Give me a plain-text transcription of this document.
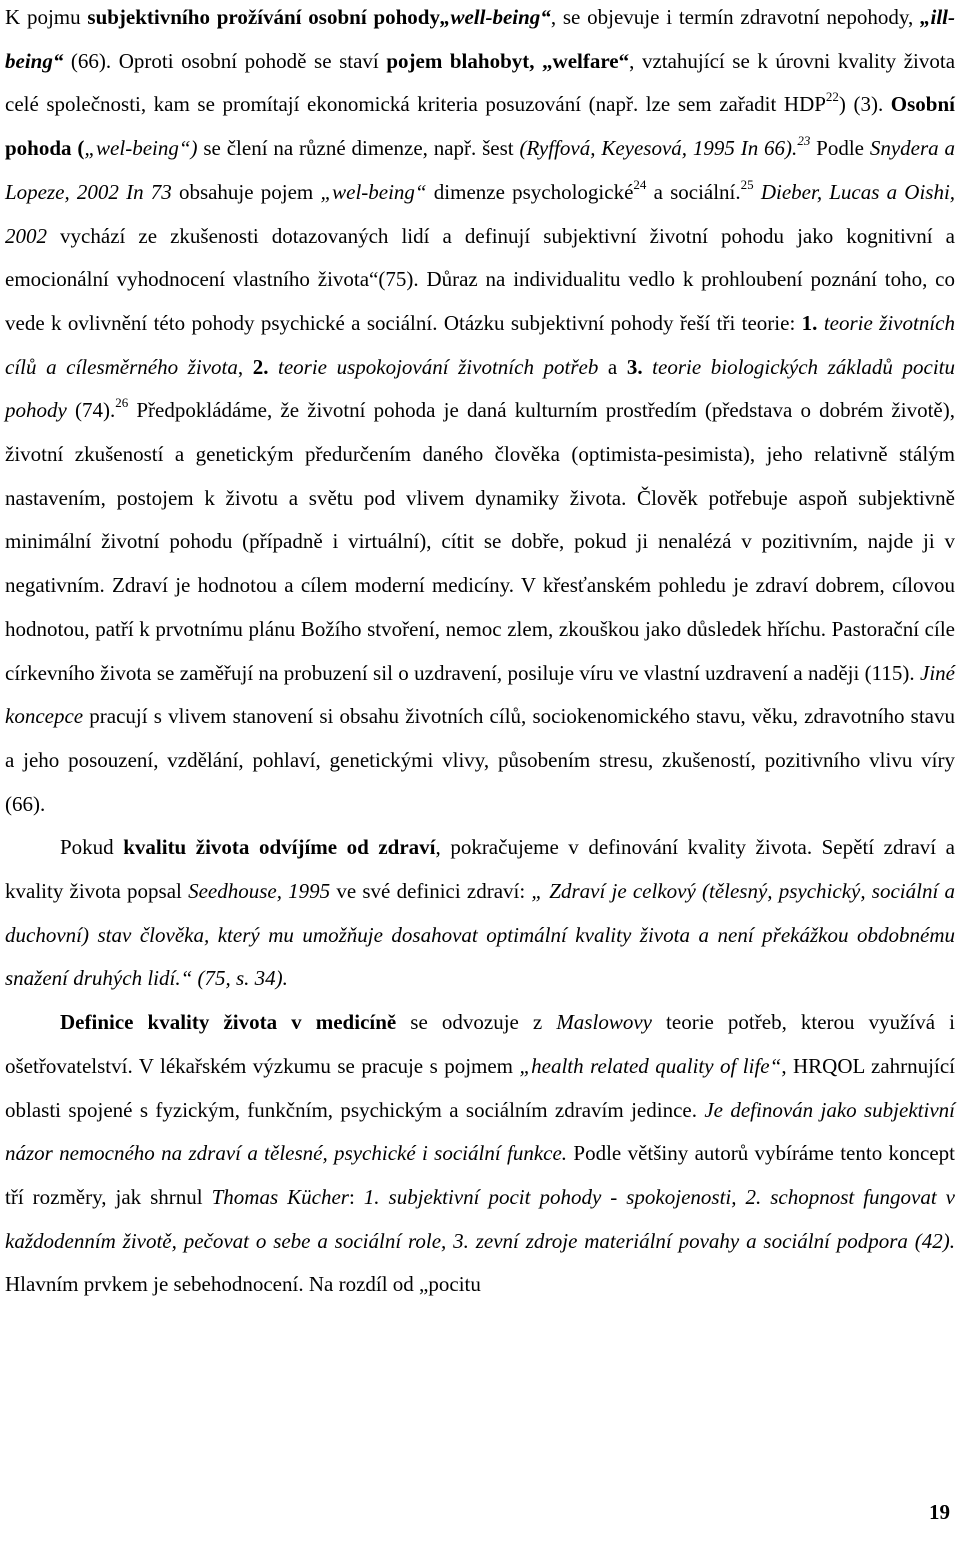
K pojmu subjektivního prožívání osobní pohody„well-being“, se objevuje i termín zdravotní nepohody, „ill-being“ (66). Oproti osobní pohodě se staví pojem blahobyt, „welfare“, vztahující se k úrovni kvality života celé společnosti, kam se promítají ekonomická kriteria posuzování (např. lze sem zařadit HDP$^{22}$) (3). Osobní pohoda („wel-being“) se člení na různé dimenze, např. šest (Ryffová, Keyesová, 1995 In 66).$^{23}$ Podle Snydera a Lopeze, 2002 In 73 obsahuje pojem „wel-being“ dimenze psychologické$^{24}$ a sociální.$^{25}$ Dieber, Lucas a Oishi, 2002 vychází ze zkušenosti dotazovaných lidí a definují subjektivní životní pohodu jako kognitivní a emocionální vyhodnocení vlastního života“(75). Důraz na individualitu vedlo k prohloubení poznání toho, co vede k ovlivnění této pohody psychické a sociální. Otázku subjektivní pohody řeší tři teorie: 1. teorie životních cílů a cílesměrného života, 2. teorie uspokojování životních potřeb a 3. teorie biologických základů pocitu pohody (74).$^{26}$ Předpokládáme, že životní pohoda je daná kulturním prostředím (představa o dobrém životě), životní zkušeností a genetickým předurčením daného člověka (optimista-pesimista), jeho relativně stálým nastavením, postojem k životu a světu pod vlivem dynamiky života. Člověk potřebuje aspoň subjektivně minimální životní pohodu (případně i virtuální), cítit se dobře, pokud ji nenalézá v pozitivním, najde ji v negativním. Zdraví je hodnotou a cílem moderní medicíny. V křesťanském pohledu je zdraví dobrem, cílovou hodnotou, patří k prvotnímu plánu Božího stvoření, nemoc zlem, zkouškou jako důsledek hříchu. Pastorační cíle církevního života se zaměřují na probuzení sil o uzdravení, posiluje víru ve vlastní uzdravení a naději (115). Jiné koncepce pracují s vlivem stanovení si obsahu životních cílů, sociokenomického stavu, věku, zdravotního stavu a jeho posouzení, vzdělání, pohlaví, genetickými vlivy, působením stresu, zkušeností, pozitivního vlivu víry (66).

Pokud kvalitu života odvíjíme od zdraví, pokračujeme v definování kvality života. Sepětí zdraví a kvality života popsal Seedhouse, 1995 ve své definici zdraví: „ Zdraví je celkový (tělesný, psychický, sociální a duchovní) stav člověka, který mu umožňuje dosahovat optimální kvality života a není překážkou obdobnému snažení druhých lidí.“ (75, s. 34).

Definice kvality života v medicíně se odvozuje z Maslowovy teorie potřeb, kterou využívá i ošetřovatelství. V lékařském výzkumu se pracuje s pojmem „health related quality of life“, HRQOL zahrnující oblasti spojené s fyzickým, funkčním, psychickým a sociálním zdravím jedince. Je definován jako subjektivní názor nemocného na zdraví a tělesné, psychické i sociální funkce. Podle většiny autorů vybíráme tento koncept tří rozměry, jak shrnul Thomas Kücher: 1. subjektivní pocit pohody - spokojenosti, 2. schopnost fungovat v každodenním životě, pečovat o sebe a sociální role, 3. zevní zdroje materiální povahy a sociální podpora (42). Hlavním prvkem je sebehodnocení. Na rozdíl od „pocitu

19
